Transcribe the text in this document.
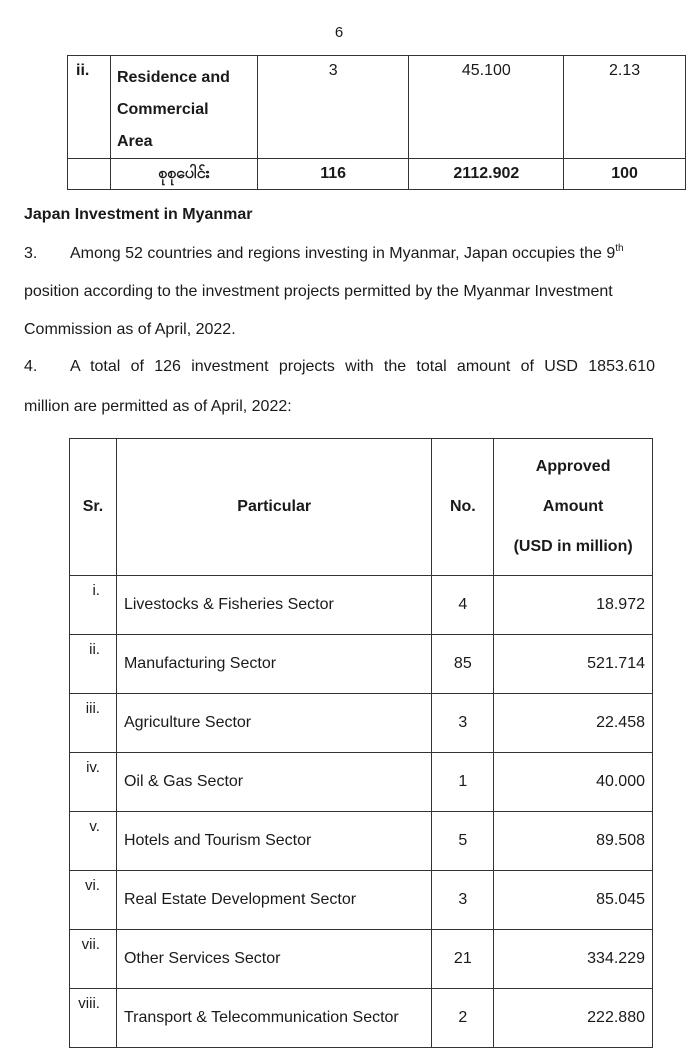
6
ii.	Residence and
Commercial
Area	3	45.100	2.13
	စုစုပေါင်း	116	2112.902	100
Japan Investment in Myanmar
3. Among 52 countries and regions investing in Myanmar, Japan occupies the 9th
position according to the investment projects permitted by the Myanmar Investment
Commission as of April, 2022.
4. A total of 126 investment projects with the total amount of USD 1853.610
million are permitted as of April, 2022:
Sr.	Particular	No.	Approved
Amount
(USD in million)
i.	Livestocks & Fisheries Sector	4	18.972
ii.	Manufacturing Sector	85	521.714
iii.	Agriculture Sector	3	22.458
iv.	Oil & Gas Sector	1	40.000
v.	Hotels and Tourism Sector	5	89.508
vi.	Real Estate Development Sector	3	85.045
vii.	Other Services Sector	21	334.229
viii.	Transport & Telecommunication Sector	2	222.880
